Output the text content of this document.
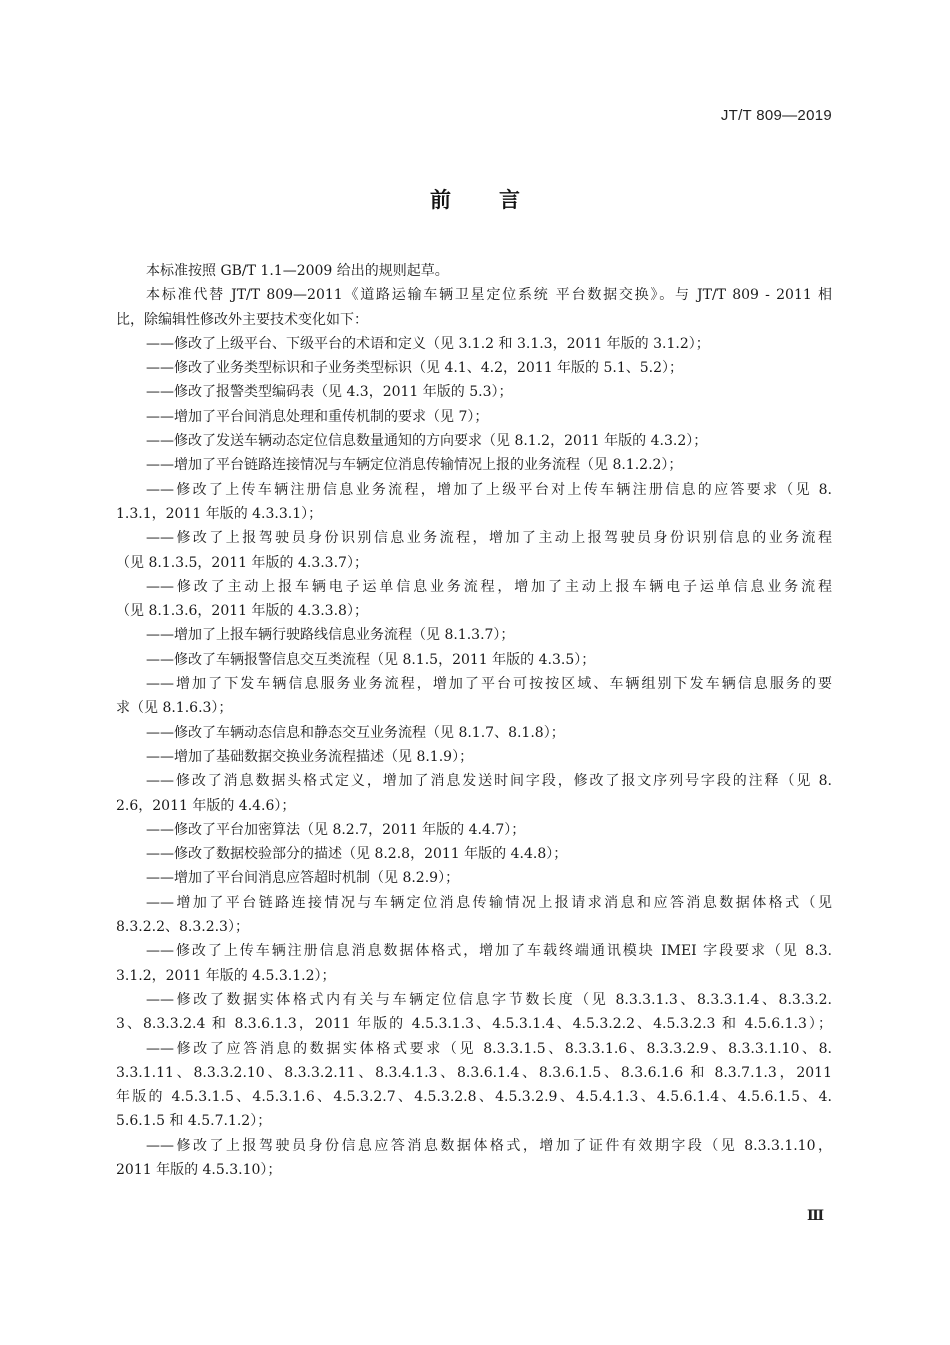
JT/T 809—2019
前言
本标准按照 GB/T 1.1—2009 给出的规则起草。
本标准代替 JT/T 809—2011《道路运输车辆卫星定位系统 平台数据交换》。与 JT/T 809 - 2011 相
比，除编辑性修改外主要技术变化如下：
——修改了上级平台、下级平台的术语和定义（见 3.1.2 和 3.1.3，2011 年版的 3.1.2）；
——修改了业务类型标识和子业务类型标识（见 4.1、4.2，2011 年版的 5.1、5.2）；
——修改了报警类型编码表（见 4.3，2011 年版的 5.3）；
——增加了平台间消息处理和重传机制的要求（见 7）；
——修改了发送车辆动态定位信息数量通知的方向要求（见 8.1.2，2011 年版的 4.3.2）；
——增加了平台链路连接情况与车辆定位消息传输情况上报的业务流程（见 8.1.2.2）；
——修改了上传车辆注册信息业务流程，增加了上级平台对上传车辆注册信息的应答要求（见 8.
1.3.1，2011 年版的 4.3.3.1）；
——修改了上报驾驶员身份识别信息业务流程，增加了主动上报驾驶员身份识别信息的业务流程
（见 8.1.3.5，2011 年版的 4.3.3.7）；
——修改了主动上报车辆电子运单信息业务流程，增加了主动上报车辆电子运单信息业务流程
（见 8.1.3.6，2011 年版的 4.3.3.8）；
——增加了上报车辆行驶路线信息业务流程（见 8.1.3.7）；
——修改了车辆报警信息交互类流程（见 8.1.5，2011 年版的 4.3.5）；
——增加了下发车辆信息服务业务流程，增加了平台可按按区域、车辆组别下发车辆信息服务的要
求（见 8.1.6.3）；
——修改了车辆动态信息和静态交互业务流程（见 8.1.7、8.1.8）；
——增加了基础数据交换业务流程描述（见 8.1.9）；
——修改了消息数据头格式定义，增加了消息发送时间字段，修改了报文序列号字段的注释（见 8.
2.6，2011 年版的 4.4.6）；
——修改了平台加密算法（见 8.2.7，2011 年版的 4.4.7）；
——修改了数据校验部分的描述（见 8.2.8，2011 年版的 4.4.8）；
——增加了平台间消息应答超时机制（见 8.2.9）；
——增加了平台链路连接情况与车辆定位消息传输情况上报请求消息和应答消息数据体格式（见
8.3.2.2、8.3.2.3）；
——修改了上传车辆注册信息消息数据体格式，增加了车载终端通讯模块 IMEI 字段要求（见 8.3.
3.1.2，2011 年版的 4.5.3.1.2）；
——修改了数据实体格式内有关与车辆定位信息字节数长度（见 8.3.3.1.3、8.3.3.1.4、8.3.3.2.
3、8.3.3.2.4 和 8.3.6.1.3，2011 年版的 4.5.3.1.3、4.5.3.1.4、4.5.3.2.2、4.5.3.2.3 和 4.5.6.1.3）；
——修改了应答消息的数据实体格式要求（见 8.3.3.1.5、8.3.3.1.6、8.3.3.2.9、8.3.3.1.10、8.
3.3.1.11、8.3.3.2.10、8.3.3.2.11、8.3.4.1.3、8.3.6.1.4、8.3.6.1.5、8.3.6.1.6 和 8.3.7.1.3，2011
年版的 4.5.3.1.5、4.5.3.1.6、4.5.3.2.7、4.5.3.2.8、4.5.3.2.9、4.5.4.1.3、4.5.6.1.4、4.5.6.1.5、4.
5.6.1.5 和 4.5.7.1.2）；
——修改了上报驾驶员身份信息应答消息数据体格式，增加了证件有效期字段（见 8.3.3.1.10，
2011 年版的 4.5.3.10）；
Ⅲ
